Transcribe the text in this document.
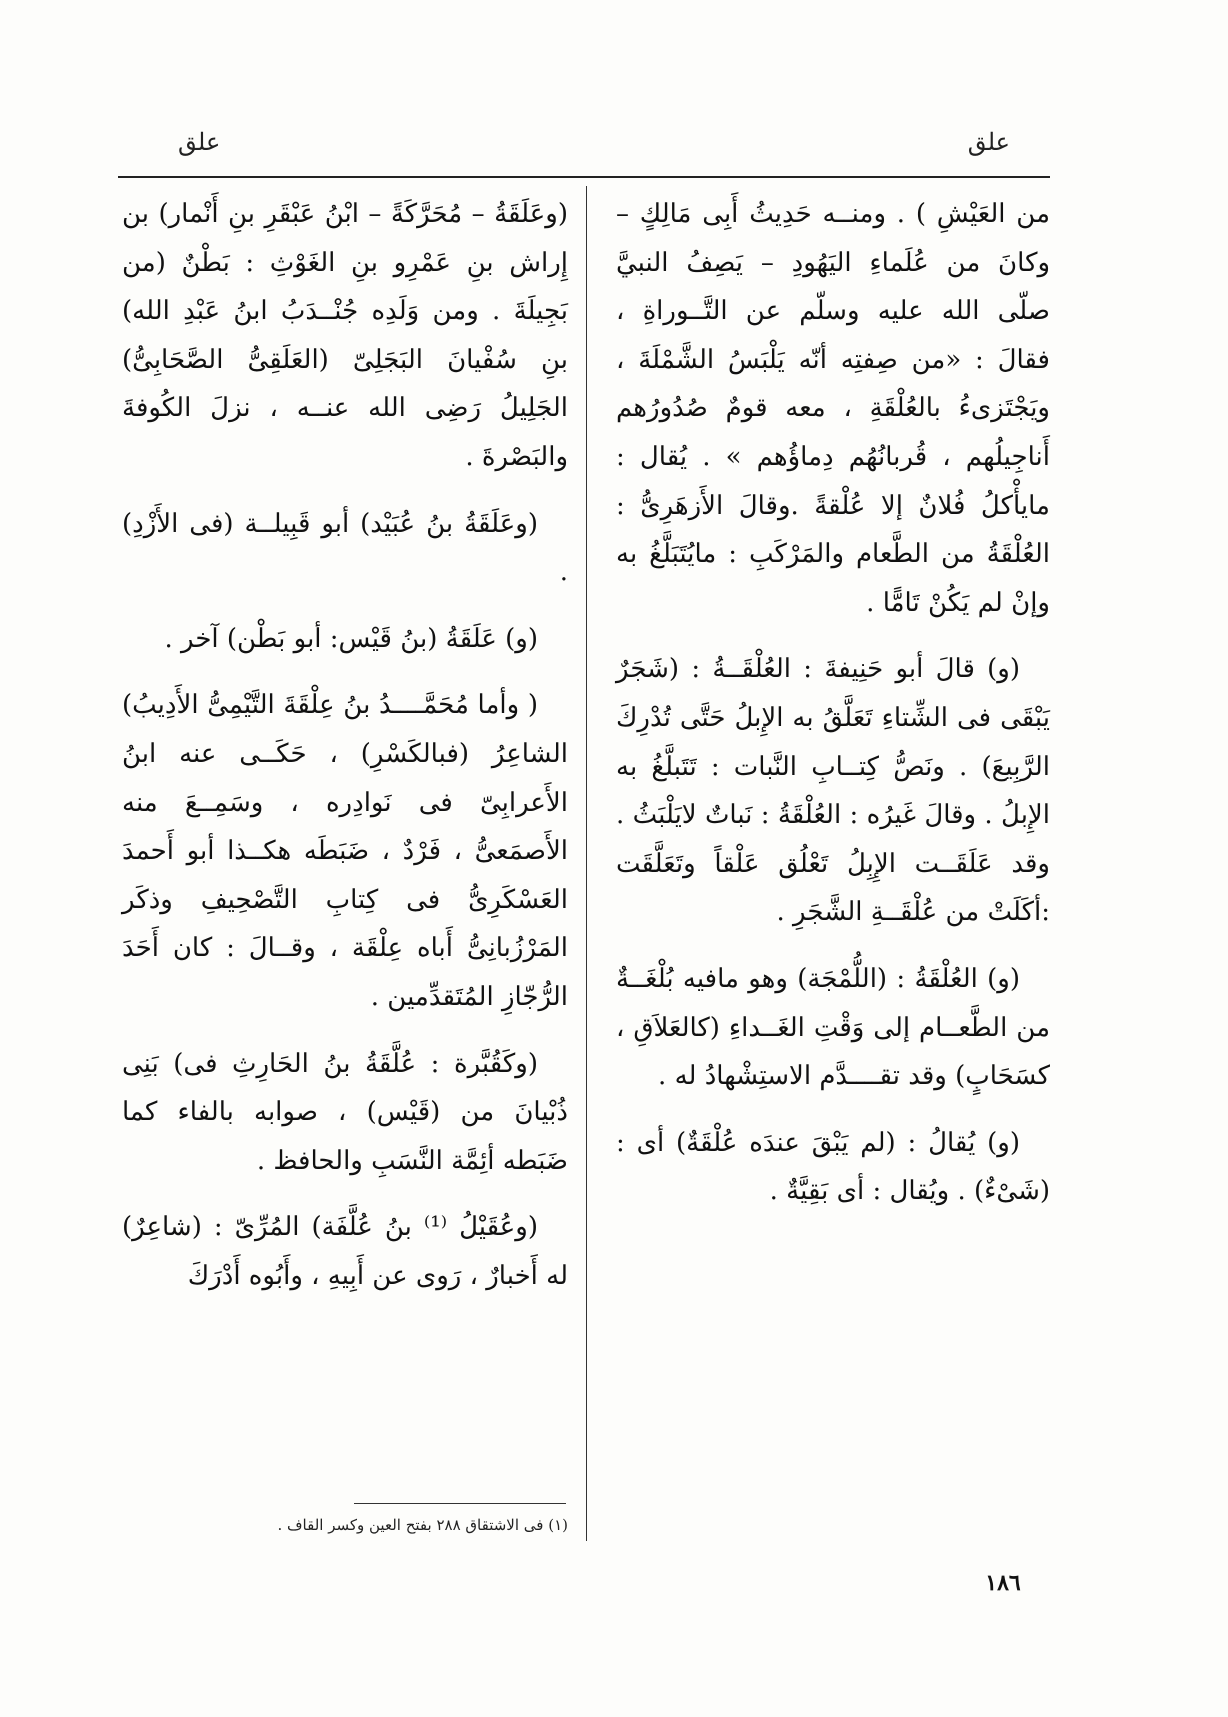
علق
علق

من العَيْشِ ) . ومنــه حَدِيثُ أَبِى مَالِكٍ – وكانَ من عُلَماءِ اليَهُودِ – يَصِفُ النبيَّ صلّى الله عليه وسلّم عن التَّــوراةِ ، فقالَ : «من صِفتِه أنّه يَلْبَسُ الشَّمْلَةَ ، ويَجْتَزىءُ بالعُلْقَةِ ، معه قومٌ صُدُورُهم أَناجِيلُهم ، قُربانُهُم دِماؤُهم » . يُقال : مايأْكلُ فُلانٌ إلا عُلْقةً .وقالَ الأَزهَرِىُّ : العُلْقَةُ من الطَّعام والمَرْكَبِ : مايُتَبَلَّغُ به وإنْ لم يَكُنْ تَامًّا .

(و) قالَ أبو حَنِيفةَ : العُلْقَــةُ : (شَجَرٌ يَبْقَى فى الشِّتاءِ تَعَلَّقُ به الإِبلُ حَتَّى تُدْرِكَ الرَّبِيعَ) . ونَصُّ كِتــابِ النَّبات : تَتَبلَّغُ به الإِبلُ . وقالَ غَيرُه : العُلْقَةُ : نَباتٌ لايَلْبَثُ . وقد عَلَقَــت الإِبِلُ تَعْلُق عَلْقاً وتَعَلَّقَت :أكَلَتْ من عُلْقَــةِ الشَّجَرِ .

(و) العُلْقَةُ : (اللُّمْجَة) وهو مافيه بُلْغَــةٌ من الطَّعــام إلى وَقْتِ الغَــداءِ (كالعَلاَقِ ، كسَحَابٍ) وقد تقــــدَّم الاستِشْهادُ له .

(و) يُقالُ : (لم يَبْقَ عندَه عُلْقَةٌ) أى : (شَىْءٌ) . ويُقال : أى بَقِيَّةٌ .

(وعَلَقَةُ – مُحَرَّكَةً – ابْنُ عَبْقَرِ بنِ أَنْمار) بن إِراش بنِ عَمْرِو بنِ الغَوْثِ : بَطْنٌ (من بَجِيلَةَ . ومن وَلَدِه جُنْــدَبُ ابنُ عَبْدِ الله) بنِ سُفْيانَ البَجَلِىّ (العَلَقِىُّ الصَّحَابِىُّ) الجَلِيلُ رَضِى الله عنــه ، نزلَ الكُوفةَ والبَصْرةَ .

(وعَلَقَةُ بنُ عُبَيْد) أبو قَبِيلــة (فى الأَزْدِ) .

(و) عَلَقَةُ (بنُ قَيْس: أبو بَطْن) آخر .

( وأما مُحَمَّــــدُ بنُ عِلْقَةَ التَّيْمِىُّ الأَدِيبُ) الشاعِرُ (فبالكَسْرِ) ، حَكَــى عنه ابنُ الأَعرابِىّ فى نَوادِره ، وسَمِــعَ منه الأَصمَعىُّ ، فَرْدٌ ، ضَبَطَه هكــذا أبو أَحمدَ العَسْكَرِىُّ فى كِتابِ التَّصْحِيفِ وذكَر المَرْزُبانِىُّ أَباه عِلْقَة ، وقــالَ : كان أَحَدَ الرُّجّازِ المُتَقدِّمين .

(وكَقُبَّرة : عُلَّقَةُ بنُ الحَارِثِ فى) بَنِى ذُبْيانَ من (قَيْس) ، صوابه بالفاء كما ضَبَطه أئِمَّة النَّسَبِ والحافظ .

(وعُقَيْلُ ⁽¹⁾ بنُ عُلَّفَة) المُرِّىّ : (شاعِرٌ) له أَخبارٌ ، رَوى عن أَبِيهِ ، وأَبُوه أَدْرَكَ

(١) فى الاشتقاق ٢٨٨ بفتح العين وكسر القاف .
١٨٦
